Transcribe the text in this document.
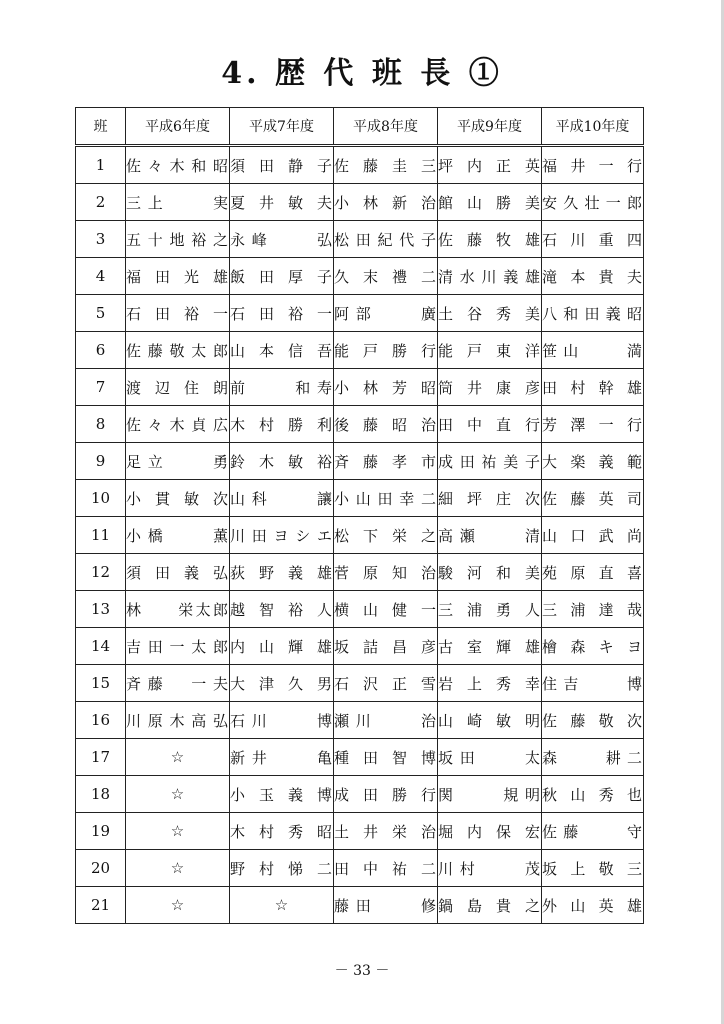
4. 歴 代 班 長 ①
班	平成6年度	平成7年度	平成8年度	平成9年度	平成10年度
1	佐々木和昭	須田静子	佐藤圭三	坪内正英	福井一行

2	三上　　実	夏井敏夫	小林新治	館山勝美	安久壮一郎

3	五十地裕之	永峰　　弘	松田紀代子	佐藤牧雄	石川重四

4	福田光雄	飯田厚子	久末禮二	清水川義雄	滝本貴夫

5	石田裕一	石田裕一	阿部　　廣	土谷秀美	八和田義昭

6	佐藤敬太郎	山本信吾	能戸勝行	能戸東洋	笹山　　満

7	渡辺住朗	前　　和寿	小林芳昭	筒井康彦	田村幹雄

8	佐々木貞広	木村勝利	後藤昭治	田中直行	芳澤一行

9	足立　　勇	鈴木敏裕	斉藤孝市	成田祐美子	大楽義範

10	小貫敏次	山科　　讓	小山田幸二	細坪庄次	佐藤英司

11	小橋　　薫	川田ヨシエ	松下栄之	高瀬　　清	山口武尚

12	須田義弘	荻野義雄	菅原知治	駿河和美	苑原直喜

13	林　　栄太郎	越智裕人	横山健一	三浦勇人	三浦達哉

14	吉田一太郎	内山輝雄	坂詰昌彦	古室輝雄	檜森キヨ

15	斉藤　一夫	大津久男	石沢正雪	岩上秀幸	住吉　　博

16	川原木高弘	石川　　博	瀬川　　治	山崎敏明	佐藤敬次

17	☆	新井　　亀	種田智博	坂田　　太	森　　耕二

18	☆	小玉義博	成田勝行	関　　規明	秋山秀也

19	☆	木村秀昭	土井栄治	堀内保宏	佐藤　　守

20	☆	野村悌二	田中祐二	川村　　茂	坂上敬三

21	☆	☆	藤田　　修	鍋島貴之	外山英雄
－ 33 －
